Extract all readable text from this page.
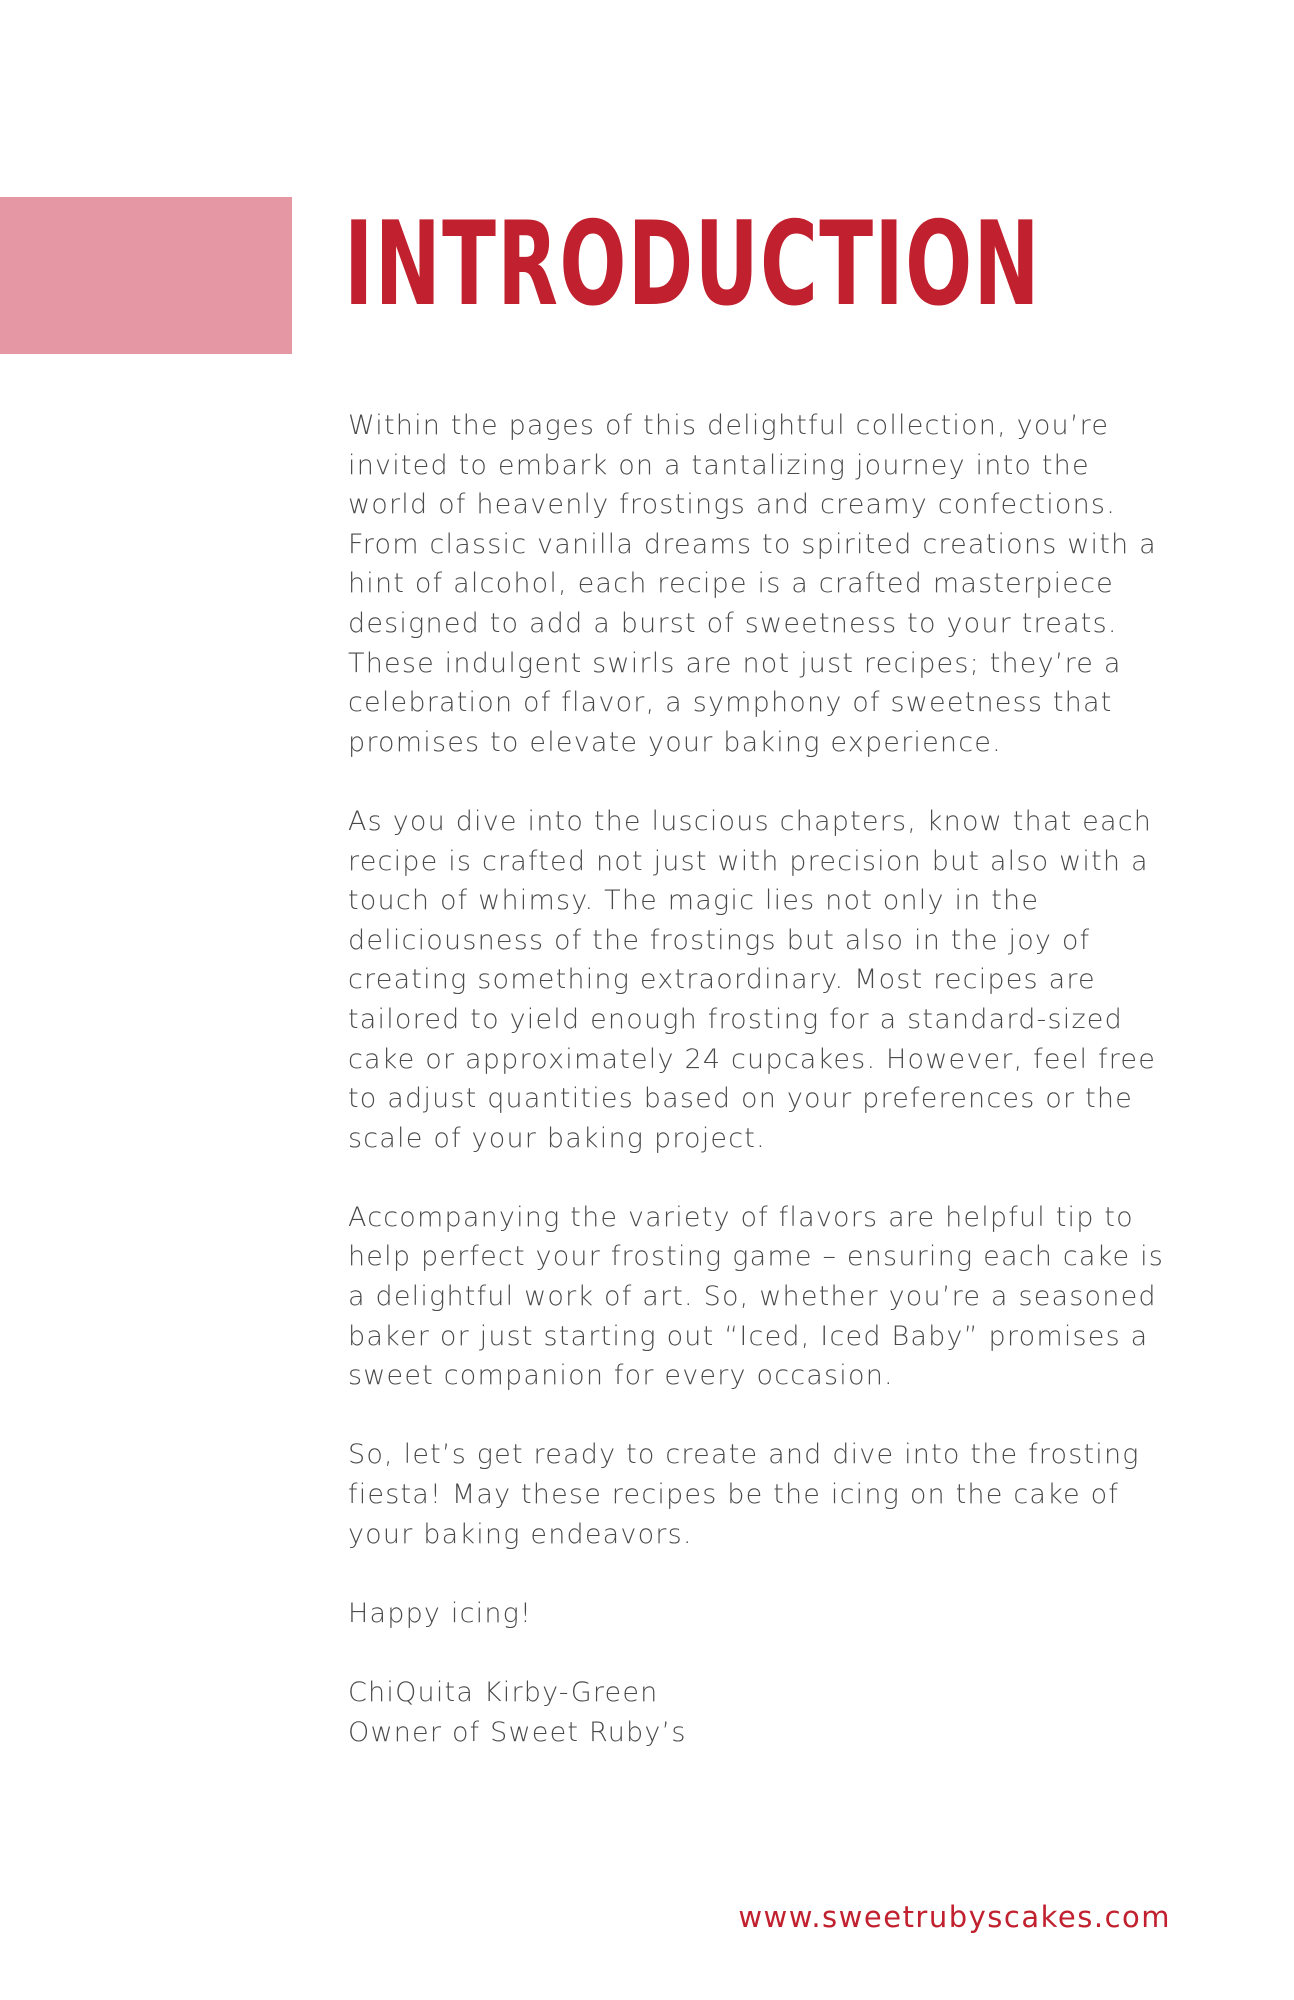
INTRODUCTION

Within the pages of this delightful collection, you’re invited to embark on a tantalizing journey into the world of heavenly frostings and creamy confections. From classic vanilla dreams to spirited creations with a hint of alcohol, each recipe is a crafted masterpiece designed to add a burst of sweetness to your treats. These indulgent swirls are not just recipes; they’re a celebration of flavor, a symphony of sweetness that promises to elevate your baking experience.

As you dive into the luscious chapters, know that each recipe is crafted not just with precision but also with a touch of whimsy. The magic lies not only in the deliciousness of the frostings but also in the joy of creating something extraordinary. Most recipes are tailored to yield enough frosting for a standard-sized cake or approximately 24 cupcakes. However, feel free to adjust quantities based on your preferences or the scale of your baking project.

Accompanying the variety of flavors are helpful tip to help perfect your frosting game – ensuring each cake is a delightful work of art. So, whether you’re a seasoned baker or just starting out “Iced, Iced Baby” promises a sweet companion for every occasion.

So, let’s get ready to create and dive into the frosting fiesta! May these recipes be the icing on the cake of your baking endeavors.

Happy icing!

ChiQuita Kirby-Green

Owner of Sweet Ruby’s

www.sweetrubyscakes.com
